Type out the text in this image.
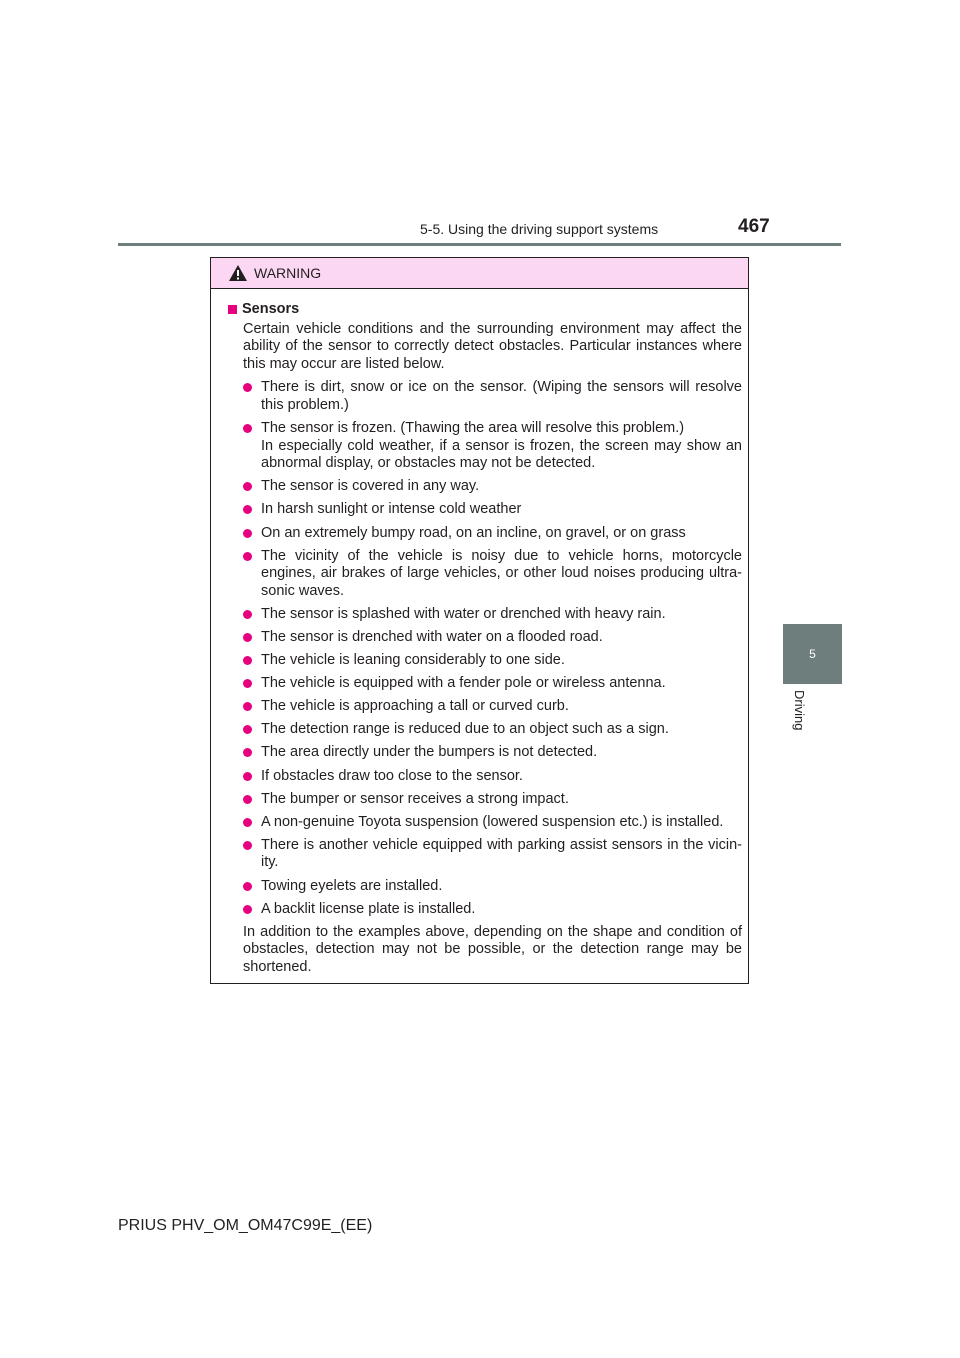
5-5. Using the driving support systems	467
5
Driving
WARNING
Sensors
Certain vehicle conditions and the surrounding environment may affect the ability of the sensor to correctly detect obstacles. Particular instances where this may occur are listed below.
There is dirt, snow or ice on the sensor. (Wiping the sensors will resolve this problem.)
The sensor is frozen. (Thawing the area will resolve this problem.)
In especially cold weather, if a sensor is frozen, the screen may show an abnormal display, or obstacles may not be detected.
The sensor is covered in any way.
In harsh sunlight or intense cold weather
On an extremely bumpy road, on an incline, on gravel, or on grass
The vicinity of the vehicle is noisy due to vehicle horns, motorcycle engines, air brakes of large vehicles, or other loud noises producing ultra-sonic waves.
The sensor is splashed with water or drenched with heavy rain.
The sensor is drenched with water on a flooded road.
The vehicle is leaning considerably to one side.
The vehicle is equipped with a fender pole or wireless antenna.
The vehicle is approaching a tall or curved curb.
The detection range is reduced due to an object such as a sign.
The area directly under the bumpers is not detected.
If obstacles draw too close to the sensor.
The bumper or sensor receives a strong impact.
A non-genuine Toyota suspension (lowered suspension etc.) is installed.
There is another vehicle equipped with parking assist sensors in the vicin-ity.
Towing eyelets are installed.
A backlit license plate is installed.
In addition to the examples above, depending on the shape and condition of obstacles, detection may not be possible, or the detection range may be shortened.
PRIUS PHV_OM_OM47C99E_(EE)
